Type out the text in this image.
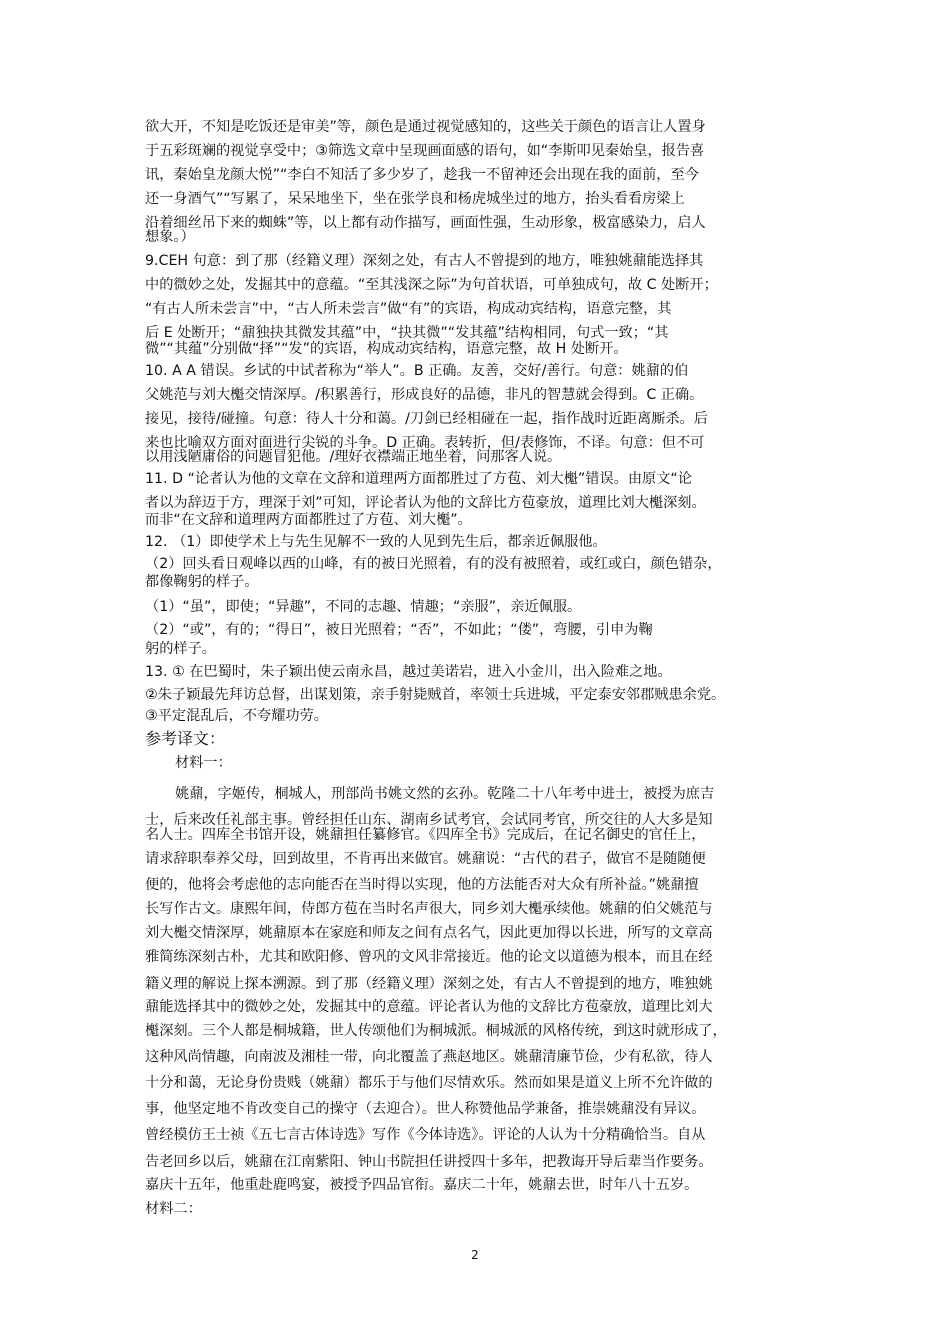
欲大开，不知是吃饭还是审美”等，颜色是通过视觉感知的，这些关于颜色的语言让人置身
于五彩斑斓的视觉享受中；③筛选文章中呈现画面感的语句，如“李斯叩见秦始皇，报告喜
讯，秦始皇龙颜大悦”“李白不知活了多少岁了，趁我一不留神还会出现在我的面前，至今
还一身酒气”“写累了，呆呆地坐下，坐在张学良和杨虎城坐过的地方，抬头看看房梁上
沿着细丝吊下来的蜘蛛”等，以上都有动作描写，画面性强，生动形象，极富感染力，启人
想象。）
9.CEH 句意：到了那（经籍义理）深刻之处，有古人不曾提到的地方，唯独姚鼐能选择其
中的微妙之处，发掘其中的意蕴。“至其浅深之际”为句首状语，可单独成句，故 C 处断开；
“有古人所未尝言”中，“古人所未尝言”做“有”的宾语，构成动宾结构，语意完整，其
后 E 处断开；“鼐独抉其微发其蕴”中，“抉其微”“发其蕴”结构相同，句式一致；“其
微”“其蕴”分别做“择”“发”的宾语，构成动宾结构，语意完整，故 H 处断开。
10. A A 错误。乡试的中试者称为“举人”。B 正确。友善，交好/善行。句意：姚鼐的伯
父姚范与刘大櫆交情深厚。/积累善行，形成良好的品德，非凡的智慧就会得到。C 正确。
接见，接待/碰撞。句意：待人十分和蔼。/刀剑已经相碰在一起，指作战时近距离厮杀。后
来也比喻双方面对面进行尖锐的斗争。D 正确。表转折，但/表修饰，不译。句意：但不可
以用浅陋庸俗的问题冒犯他。/理好衣襟端正地坐着，问那客人说。
11. D “论者认为他的文章在文辞和道理两方面都胜过了方苞、刘大櫆”错误。由原文“论
者以为辞迈于方，理深于刘”可知，评论者认为他的文辞比方苞豪放，道理比刘大櫆深刻。
而非“在文辞和道理两方面都胜过了方苞、刘大櫆”。
12. （1）即使学术上与先生见解不一致的人见到先生后，都亲近佩服他。
（2）回头看日观峰以西的山峰，有的被日光照着，有的没有被照着，或红或白，颜色错杂，
都像鞠躬的样子。
（1）“虽”，即使；“异趣”，不同的志趣、情趣；“亲服”，亲近佩服。
（2）“或”，有的；“得日”，被日光照着；“否”，不如此；“偻”，弯腰，引申为鞠
躬的样子。
13. ① 在巴蜀时，朱子颖出使云南永昌，越过美诺岩，进入小金川，出入险难之地。
②朱子颖最先拜访总督，出谋划策，亲手射毙贼首，率领士兵进城，平定泰安邻郡贼患余党。
③平定混乱后，不夸耀功劳。
参考译文：
材料一：
姚鼐，字姬传，桐城人，刑部尚书姚文然的玄孙。乾隆二十八年考中进士，被授为庶吉
士，后来改任礼部主事。曾经担任山东、湖南乡试考官，会试同考官，所交往的人大多是知
名人士。四库全书馆开设，姚鼐担任纂修官。《四库全书》完成后，在记名御史的官任上，
请求辞职奉养父母，回到故里，不肯再出来做官。姚鼐说：“古代的君子，做官不是随随便
便的，他将会考虑他的志向能否在当时得以实现，他的方法能否对大众有所补益。”姚鼐擅
长写作古文。康熙年间，侍郎方苞在当时名声很大，同乡刘大櫆承续他。姚鼐的伯父姚范与
刘大櫆交情深厚，姚鼐原本在家庭和师友之间有点名气，因此更加得以长进，所写的文章高
雅简练深刻古朴，尤其和欧阳修、曾巩的文风非常接近。他的论文以道德为根本，而且在经
籍义理的解说上探本溯源。到了那（经籍义理）深刻之处，有古人不曾提到的地方，唯独姚
鼐能选择其中的微妙之处，发掘其中的意蕴。评论者认为他的文辞比方苞豪放，道理比刘大
櫆深刻。三个人都是桐城籍，世人传颂他们为桐城派。桐城派的风格传统，到这时就形成了，
这种风尚情趣，向南波及湘桂一带，向北覆盖了燕赵地区。姚鼐清廉节俭，少有私欲，待人
十分和蔼，无论身份贵贱（姚鼐）都乐于与他们尽情欢乐。然而如果是道义上所不允许做的
事，他坚定地不肯改变自己的操守（去迎合）。世人称赞他品学兼备，推崇姚鼐没有异议。
曾经模仿王士祯《五七言古体诗选》写作《今体诗选》。评论的人认为十分精确恰当。自从
告老回乡以后，姚鼐在江南紫阳、钟山书院担任讲授四十多年，把教诲开导后辈当作要务。
嘉庆十五年，他重赴鹿鸣宴，被授予四品官衔。嘉庆二十年，姚鼐去世，时年八十五岁。
材料二：
2
